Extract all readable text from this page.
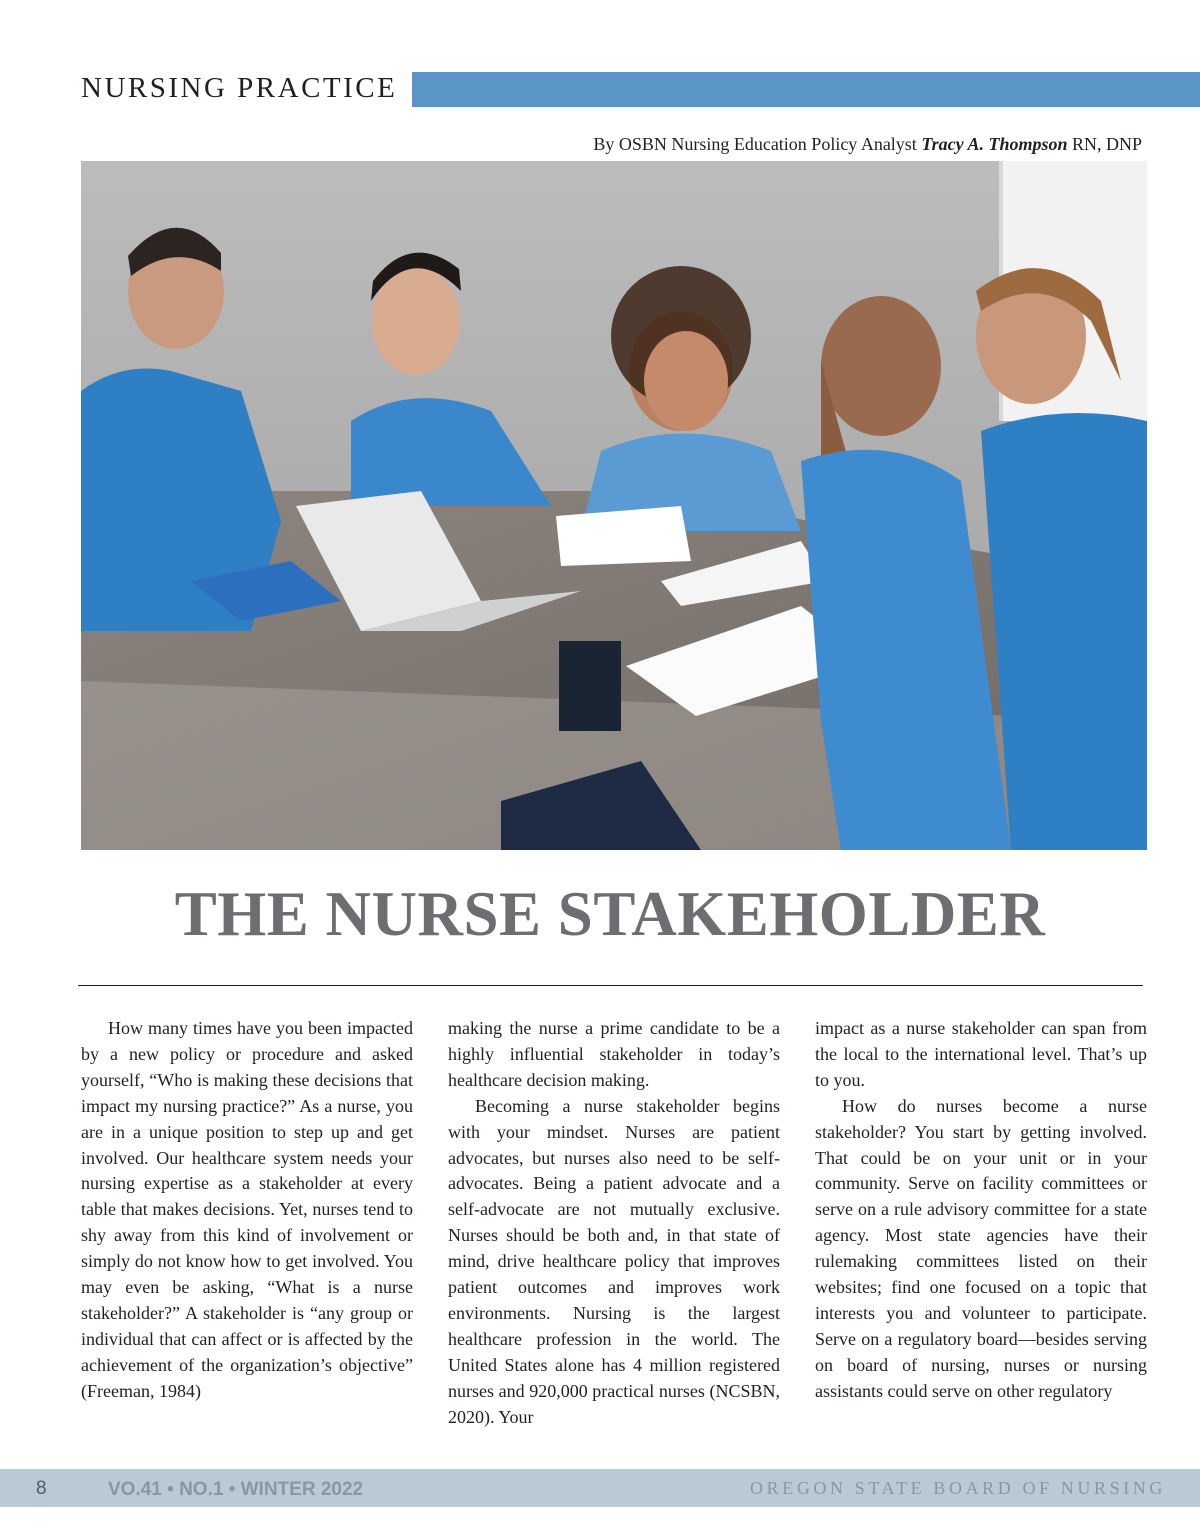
NURSING PRACTICE
By OSBN Nursing Education Policy Analyst Tracy A. Thompson RN, DNP
THE NURSE STAKEHOLDER

How many times have you been impacted by a new policy or procedure and asked yourself, “Who is making these decisions that impact my nursing practice?” As a nurse, you are in a unique position to step up and get involved. Our healthcare system needs your nursing expertise as a stakeholder at every table that makes decisions. Yet, nurses tend to shy away from this kind of involvement or simply do not know how to get involved. You may even be asking, “What is a nurse stakeholder?” A stakeholder is “any group or individual that can affect or is affected by the achievement of the organization’s objective” (Freeman, 1984)

making the nurse a prime candidate to be a highly influential stakeholder in today’s healthcare decision making.

Becoming a nurse stakeholder begins with your mindset. Nurses are patient advocates, but nurses also need to be self-advocates. Being a patient advocate and a self-advocate are not mutually exclusive. Nurses should be both and, in that state of mind, drive healthcare policy that improves patient outcomes and improves work environments. Nursing is the largest healthcare profession in the world. The United States alone has 4 million registered nurses and 920,000 practical nurses (NCSBN, 2020). Your

impact as a nurse stakeholder can span from the local to the international level. That’s up to you.

How do nurses become a nurse stakeholder? You start by getting involved. That could be on your unit or in your community. Serve on facility committees or serve on a rule advisory committee for a state agency. Most state agencies have their rulemaking committees listed on their websites; find one focused on a topic that interests you and volunteer to participate. Serve on a regulatory board—besides serving on board of nursing, nurses or nursing assistants could serve on other regulatory

8	VO.41 • NO.1 • WINTER 2022	OREGON STATE BOARD OF NURSING
